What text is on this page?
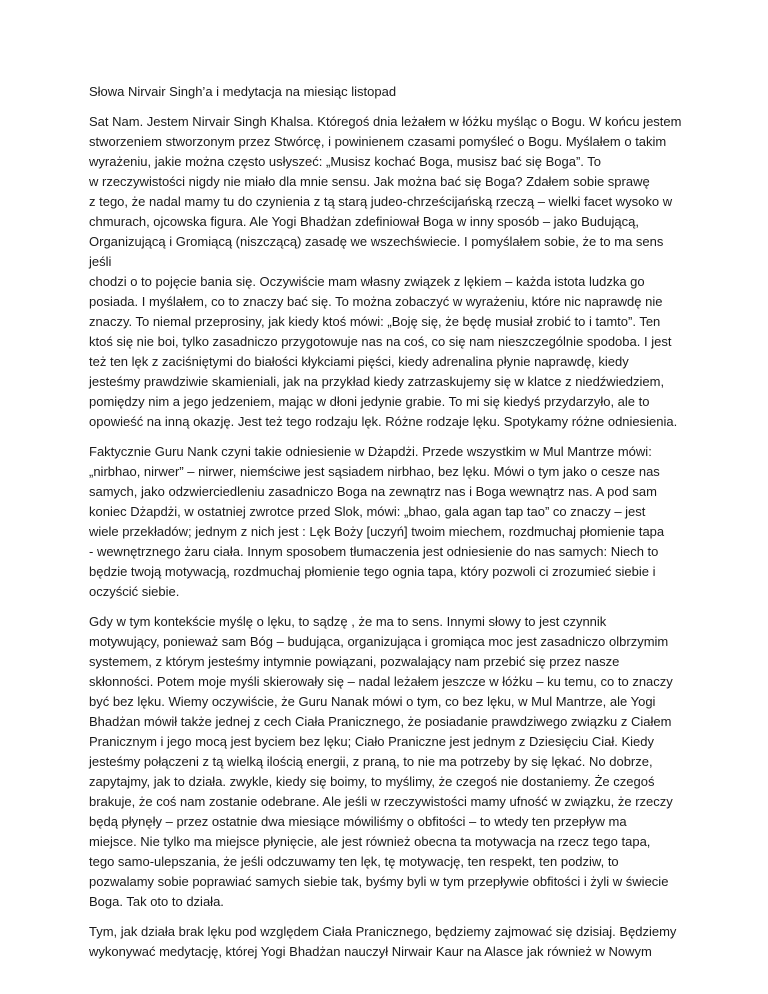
Słowa Nirvair Singh’a i medytacja na miesiąc listopad

Sat Nam. Jestem Nirvair Singh Khalsa. Któregoś dnia leżałem w łóżku myśląc o Bogu. W końcu jestem
stworzeniem stworzonym przez Stwórcę, i powinienem czasami pomyśleć o Bogu. Myślałem o takim
wyrażeniu, jakie można często usłyszeć: „Musisz kochać Boga, musisz bać się Boga”. To
w rzeczywistości nigdy nie miało dla mnie sensu. Jak można bać się Boga? Zdałem sobie sprawę
z tego, że nadal mamy tu do czynienia z tą starą judeo-chrześcijańską rzeczą – wielki facet wysoko w
chmurach, ojcowska figura. Ale Yogi Bhadżan zdefiniował Boga w inny sposób – jako Budującą,
Organizującą i Gromiącą (niszczącą) zasadę we wszechświecie. I pomyślałem sobie, że to ma sens jeśli
chodzi o to pojęcie bania się. Oczywiście mam własny związek z lękiem – każda istota ludzka go
posiada. I myślałem, co to znaczy bać się. To można zobaczyć w wyrażeniu, które nic naprawdę nie
znaczy. To niemal przeprosiny, jak kiedy ktoś mówi: „Boję się, że będę musiał zrobić to i tamto”. Ten
ktoś się nie boi, tylko zasadniczo przygotowuje nas na coś, co się nam nieszczególnie spodoba. I jest
też ten lęk z zaciśniętymi do białości kłykciami pięści, kiedy adrenalina płynie naprawdę, kiedy
jesteśmy prawdziwie skamieniali, jak na przykład kiedy zatrzaskujemy się w klatce z niedźwiedziem,
pomiędzy nim a jego jedzeniem, mając w dłoni jedynie grabie. To mi się kiedyś przydarzyło, ale to
opowieść na inną okazję. Jest też tego rodzaju lęk. Różne rodzaje lęku. Spotykamy różne odniesienia.

Faktycznie Guru Nank czyni takie odniesienie w Dżapdżi. Przede wszystkim w Mul Mantrze mówi:
„nirbhao, nirwer” – nirwer, niemściwe jest sąsiadem nirbhao, bez lęku. Mówi o tym jako o cesze nas
samych, jako odzwierciedleniu zasadniczo Boga na zewnątrz nas i Boga wewnątrz nas. A pod sam
koniec Dżapdżi, w ostatniej zwrotce przed Slok, mówi: „bhao, gala agan tap tao” co znaczy – jest
wiele przekładów; jednym z nich jest : Lęk Boży [uczyń] twoim miechem, rozdmuchaj płomienie tapa
- wewnętrznego żaru ciała. Innym sposobem tłumaczenia jest odniesienie do nas samych: Niech to
będzie twoją motywacją, rozdmuchaj płomienie tego ognia tapa, który pozwoli ci zrozumieć siebie i
oczyścić siebie.

Gdy w tym kontekście myślę o lęku, to sądzę , że ma to sens. Innymi słowy to jest czynnik
motywujący, ponieważ sam Bóg – budująca, organizująca i gromiąca moc jest zasadniczo olbrzymim
systemem, z którym jesteśmy intymnie powiązani, pozwalający nam przebić się przez nasze
skłonności. Potem moje myśli skierowały się – nadal leżałem jeszcze w łóżku – ku temu, co to znaczy
być bez lęku. Wiemy oczywiście, że Guru Nanak mówi o tym, co bez lęku, w Mul Mantrze, ale Yogi
Bhadżan mówił także jednej z cech Ciała Pranicznego, że posiadanie prawdziwego związku z Ciałem
Pranicznym i jego mocą jest byciem bez lęku; Ciało Praniczne jest jednym z Dziesięciu Ciał. Kiedy
jesteśmy połączeni z tą wielką ilością energii, z praną, to nie ma potrzeby by się lękać. No dobrze,
zapytajmy, jak to działa. zwykle, kiedy się boimy, to myślimy, że czegoś nie dostaniemy. Że czegoś
brakuje, że coś nam zostanie odebrane. Ale jeśli w rzeczywistości mamy ufność w związku, że rzeczy
będą płynęły – przez ostatnie dwa miesiące mówiliśmy o obfitości – to wtedy ten przepływ ma
miejsce. Nie tylko ma miejsce płynięcie, ale jest również obecna ta motywacja na rzecz tego tapa,
tego samo-ulepszania, że jeśli odczuwamy ten lęk, tę motywację, ten respekt, ten podziw, to
pozwalamy sobie poprawiać samych siebie tak, byśmy byli w tym przepływie obfitości i żyli w świecie
Boga. Tak oto to działa.

Tym, jak działa brak lęku pod względem Ciała Pranicznego, będziemy zajmować się dzisiaj. Będziemy
wykonywać medytację, której Yogi Bhadżan nauczył Nirwair Kaur na Alasce jak również w Nowym
